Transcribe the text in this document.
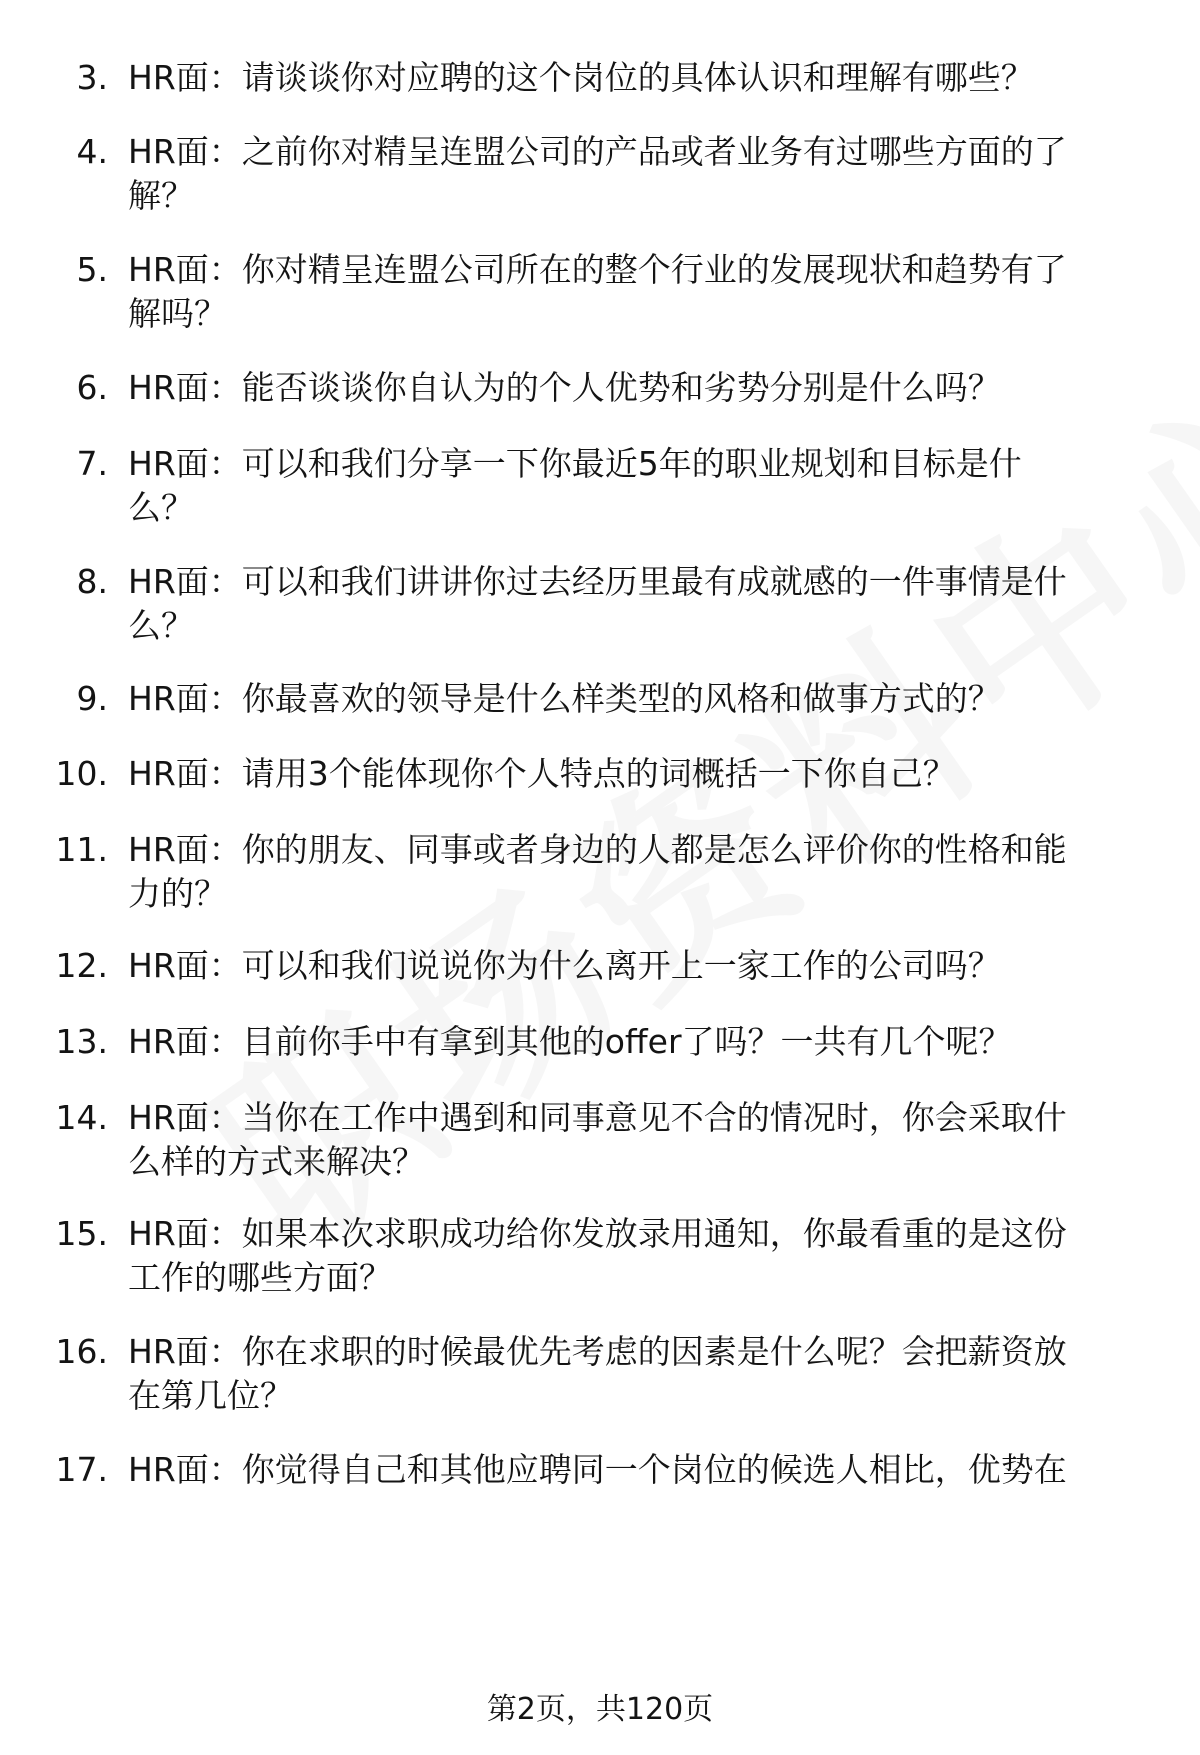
3. HR面：请谈谈你对应聘的这个岗位的具体认识和理解有哪些？
4. HR面：之前你对精呈连盟公司的产品或者业务有过哪些方面的了
解？
5. HR面：你对精呈连盟公司所在的整个行业的发展现状和趋势有了
解吗？
6. HR面：能否谈谈你自认为的个人优势和劣势分别是什么吗？
7. HR面：可以和我们分享一下你最近5年的职业规划和目标是什
么？
8. HR面：可以和我们讲讲你过去经历里最有成就感的一件事情是什
么？
9. HR面：你最喜欢的领导是什么样类型的风格和做事方式的？
10. HR面：请用3个能体现你个人特点的词概括一下你自己？
11. HR面：你的朋友、同事或者身边的人都是怎么评价你的性格和能
力的？
12. HR面：可以和我们说说你为什么离开上一家工作的公司吗？
13. HR面：目前你手中有拿到其他的offer了吗？一共有几个呢？
14. HR面：当你在工作中遇到和同事意见不合的情况时，你会采取什
么样的方式来解决？
15. HR面：如果本次求职成功给你发放录用通知，你最看重的是这份
工作的哪些方面？
16. HR面：你在求职的时候最优先考虑的因素是什么呢？会把薪资放
在第几位？
17. HR面：你觉得自己和其他应聘同一个岗位的候选人相比，优势在
第2页，共120页
